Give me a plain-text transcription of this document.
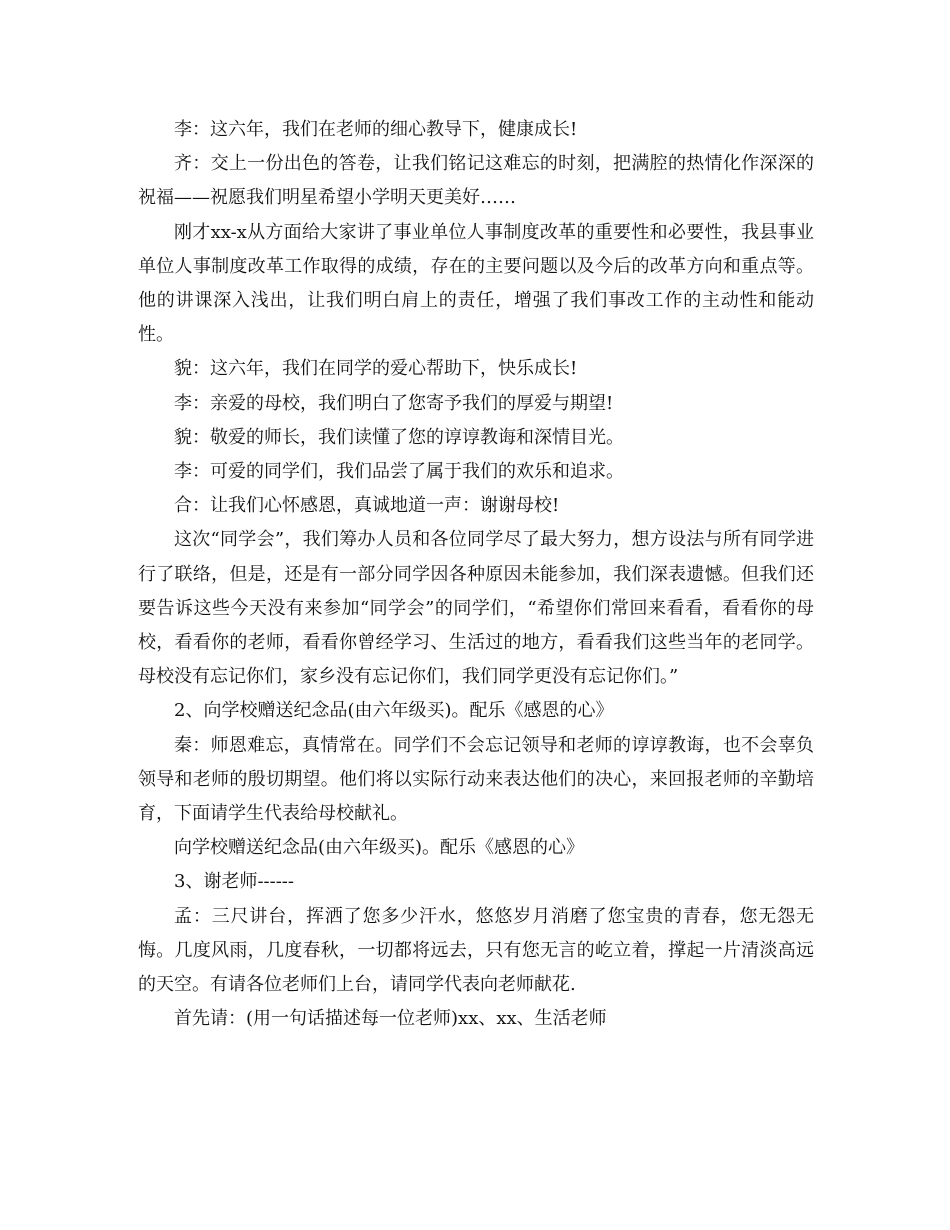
李：这六年，我们在老师的细心教导下，健康成长!

齐：交上一份出色的答卷，让我们铭记这难忘的时刻，把满腔的热情化作深深的祝福——祝愿我们明星希望小学明天更美好……

刚才xx-x从方面给大家讲了事业单位人事制度改革的重要性和必要性，我县事业单位人事制度改革工作取得的成绩，存在的主要问题以及今后的改革方向和重点等。他的讲课深入浅出，让我们明白肩上的责任，增强了我们事改工作的主动性和能动性。

貌：这六年，我们在同学的爱心帮助下，快乐成长!

李：亲爱的母校，我们明白了您寄予我们的厚爱与期望!

貌：敬爱的师长，我们读懂了您的谆谆教诲和深情目光。

李：可爱的同学们，我们品尝了属于我们的欢乐和追求。

合：让我们心怀感恩，真诚地道一声：谢谢母校!

这次“同学会”，我们筹办人员和各位同学尽了最大努力，想方设法与所有同学进行了联络，但是，还是有一部分同学因各种原因未能参加，我们深表遗憾。但我们还要告诉这些今天没有来参加“同学会”的同学们，“希望你们常回来看看，看看你的母校，看看你的老师，看看你曾经学习、生活过的地方，看看我们这些当年的老同学。母校没有忘记你们，家乡没有忘记你们，我们同学更没有忘记你们。”

2、向学校赠送纪念品(由六年级买)。配乐《感恩的心》

秦：师恩难忘，真情常在。同学们不会忘记领导和老师的谆谆教诲，也不会辜负领导和老师的殷切期望。他们将以实际行动来表达他们的决心，来回报老师的辛勤培育，下面请学生代表给母校献礼。

向学校赠送纪念品(由六年级买)。配乐《感恩的心》

3、谢老师------

孟：三尺讲台，挥洒了您多少汗水，悠悠岁月消磨了您宝贵的青春，您无怨无悔。几度风雨，几度春秋，一切都将远去，只有您无言的屹立着，撑起一片清淡高远的天空。有请各位老师们上台，请同学代表向老师献花.

首先请：(用一句话描述每一位老师)xx、xx、生活老师
